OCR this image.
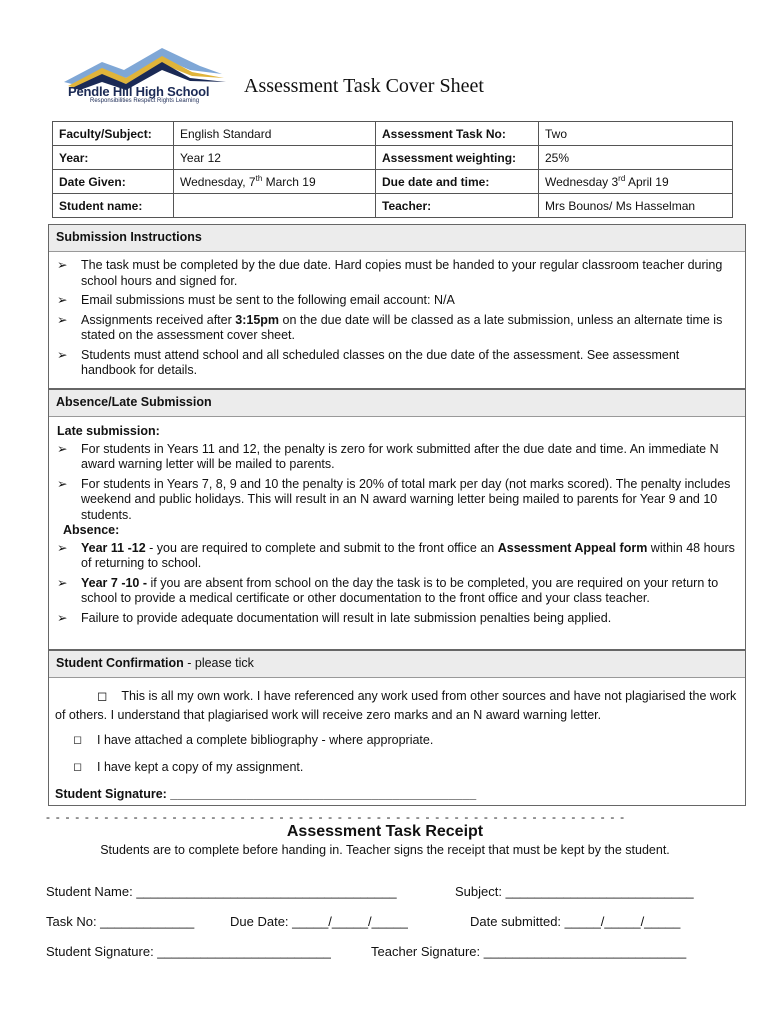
Pendle Hill High School
Responsibilities Respect Rights Learning
Assessment Task Cover Sheet
Faculty/Subject:	English Standard	Assessment Task No:	Two
Year:	Year 12	Assessment weighting:	25%
Date Given:	Wednesday, 7th March 19	Due date and time:	Wednesday 3rd April 19
Student name:		Teacher:	Mrs Bounos/ Ms Hasselman
Submission Instructions
➢ The task must be completed by the due date. Hard copies must be handed to your regular classroom teacher during school hours and signed for.
➢ Email submissions must be sent to the following email account: N/A
➢ Assignments received after 3:15pm on the due date will be classed as a late submission, unless an alternate time is stated on the assessment cover sheet.
➢ Students must attend school and all scheduled classes on the due date of the assessment. See assessment handbook for details.
Absence/Late Submission
Late submission:
➢ For students in Years 11 and 12, the penalty is zero for work submitted after the due date and time. An immediate N award warning letter will be mailed to parents.
➢ For students in Years 7, 8, 9 and 10 the penalty is 20% of total mark per day (not marks scored). The penalty includes weekend and public holidays. This will result in an N award warning letter being mailed to parents for Year 9 and 10 students.
Absence:
➢ Year 11 -12 - you are required to complete and submit to the front office an Assessment Appeal form within 48 hours of returning to school.
➢ Year 7 -10 - if you are absent from school on the day the task is to be completed, you are required on your return to school to provide a medical certificate or other documentation to the front office and your class teacher.
➢ Failure to provide adequate documentation will result in late submission penalties being applied.
Student Confirmation - please tick
◻ This is all my own work. I have referenced any work used from other sources and have not plagiarised the work of others. I understand that plagiarised work will receive zero marks and an N award warning letter.
◻ I have attached a complete bibliography - where appropriate.
◻ I have kept a copy of my assignment.
Student Signature: ____________________________________________
- - - - - - - - - - - - - - - - - - - - - - - - - - - - - - - - - - - - - - - - - - - - - - - - - - - - - - - - - - - -
Assessment Task Receipt
Students are to complete before handing in. Teacher signs the receipt that must be kept by the student.
Student Name: ____________________________________	Subject: __________________________
Task No: _____________	Due Date: _____/_____/_____	Date submitted: _____/_____/_____
Student Signature: ________________________	Teacher Signature: ____________________________
